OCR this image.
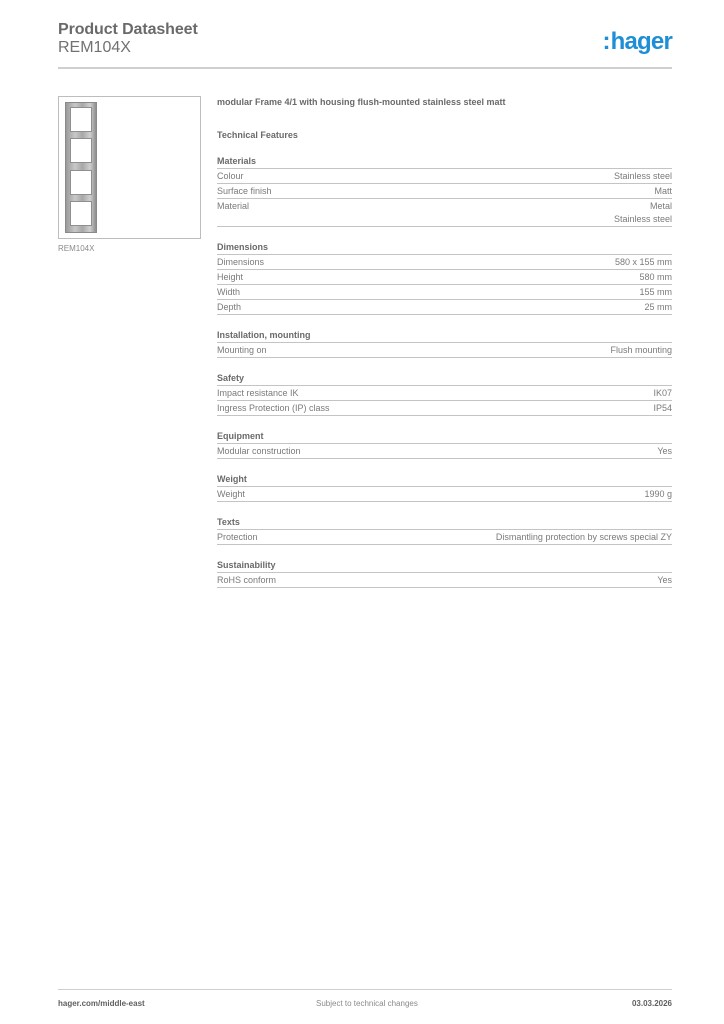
Product Datasheet
REM104X	:hager
REM104X
modular Frame 4/1 with housing flush-mounted stainless steel matt
Technical Features
Materials
Colour	Stainless steel
Surface finish	Matt
Material	Metal
Stainless steel
Dimensions
Dimensions	580 x 155 mm
Height	580 mm
Width	155 mm
Depth	25 mm
Installation, mounting
Mounting on	Flush mounting
Safety
Impact resistance IK	IK07
Ingress Protection (IP) class	IP54
Equipment
Modular construction	Yes
Weight
Weight	1990 g
Texts
Protection	Dismantling protection by screws special ZY
Sustainability
RoHS conform	Yes
hager.com/middle-east	Subject to technical changes	03.03.2026
